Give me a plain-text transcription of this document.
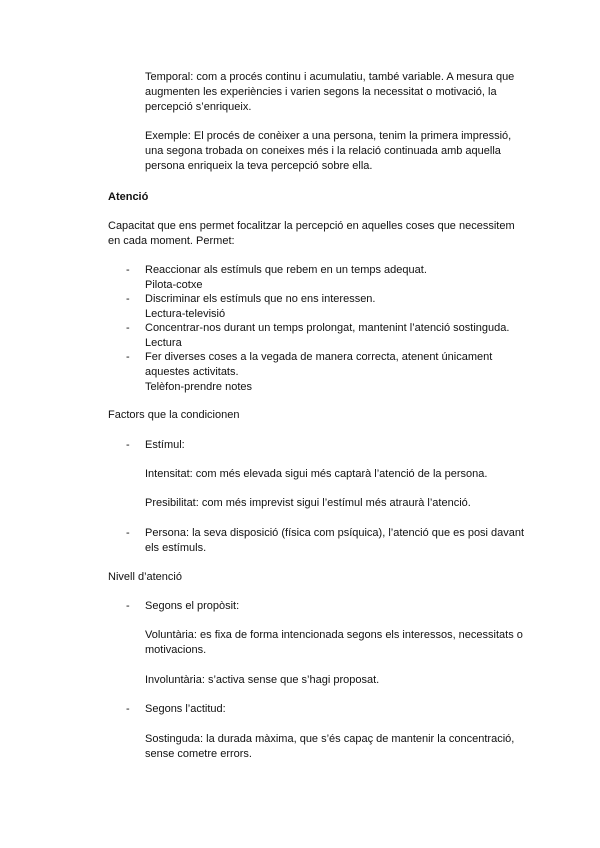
Temporal: com a procés continu i acumulatiu, també variable. A mesura que
augmenten les experiències i varien segons la necessitat o motivació, la
percepció s’enriqueix.

Exemple: El procés de conèixer a una persona, tenim la primera impressió,
una segona trobada on coneixes més i la relació continuada amb aquella
persona enriqueix la teva percepció sobre ella.

Atenció

Capacitat que ens permet focalitzar la percepció en aquelles coses que necessitem
en cada moment. Permet:

- Reaccionar als estímuls que rebem en un temps adequat.
Pilota-cotxe

- Discriminar els estímuls que no ens interessen.
Lectura-televisió

- Concentrar-nos durant un temps prolongat, mantenint l’atenció sostinguda.
Lectura

- Fer diverses coses a la vegada de manera correcta, atenent únicament
aquestes activitats.
Telèfon-prendre notes

Factors que la condicionen

- Estímul:

Intensitat: com més elevada sigui més captarà l’atenció de la persona.

Presibilitat: com més imprevist sigui l’estímul més atraurà l’atenció.

- Persona: la seva disposició (física com psíquica), l’atenció que es posi davant
els estímuls.

Nivell d’atenció

- Segons el propòsit:

Voluntària: es fixa de forma intencionada segons els interessos, necessitats o
motivacions.

Involuntària: s’activa sense que s’hagi proposat.

- Segons l’actitud:

Sostinguda: la durada màxima, que s’és capaç de mantenir la concentració,
sense cometre errors.
